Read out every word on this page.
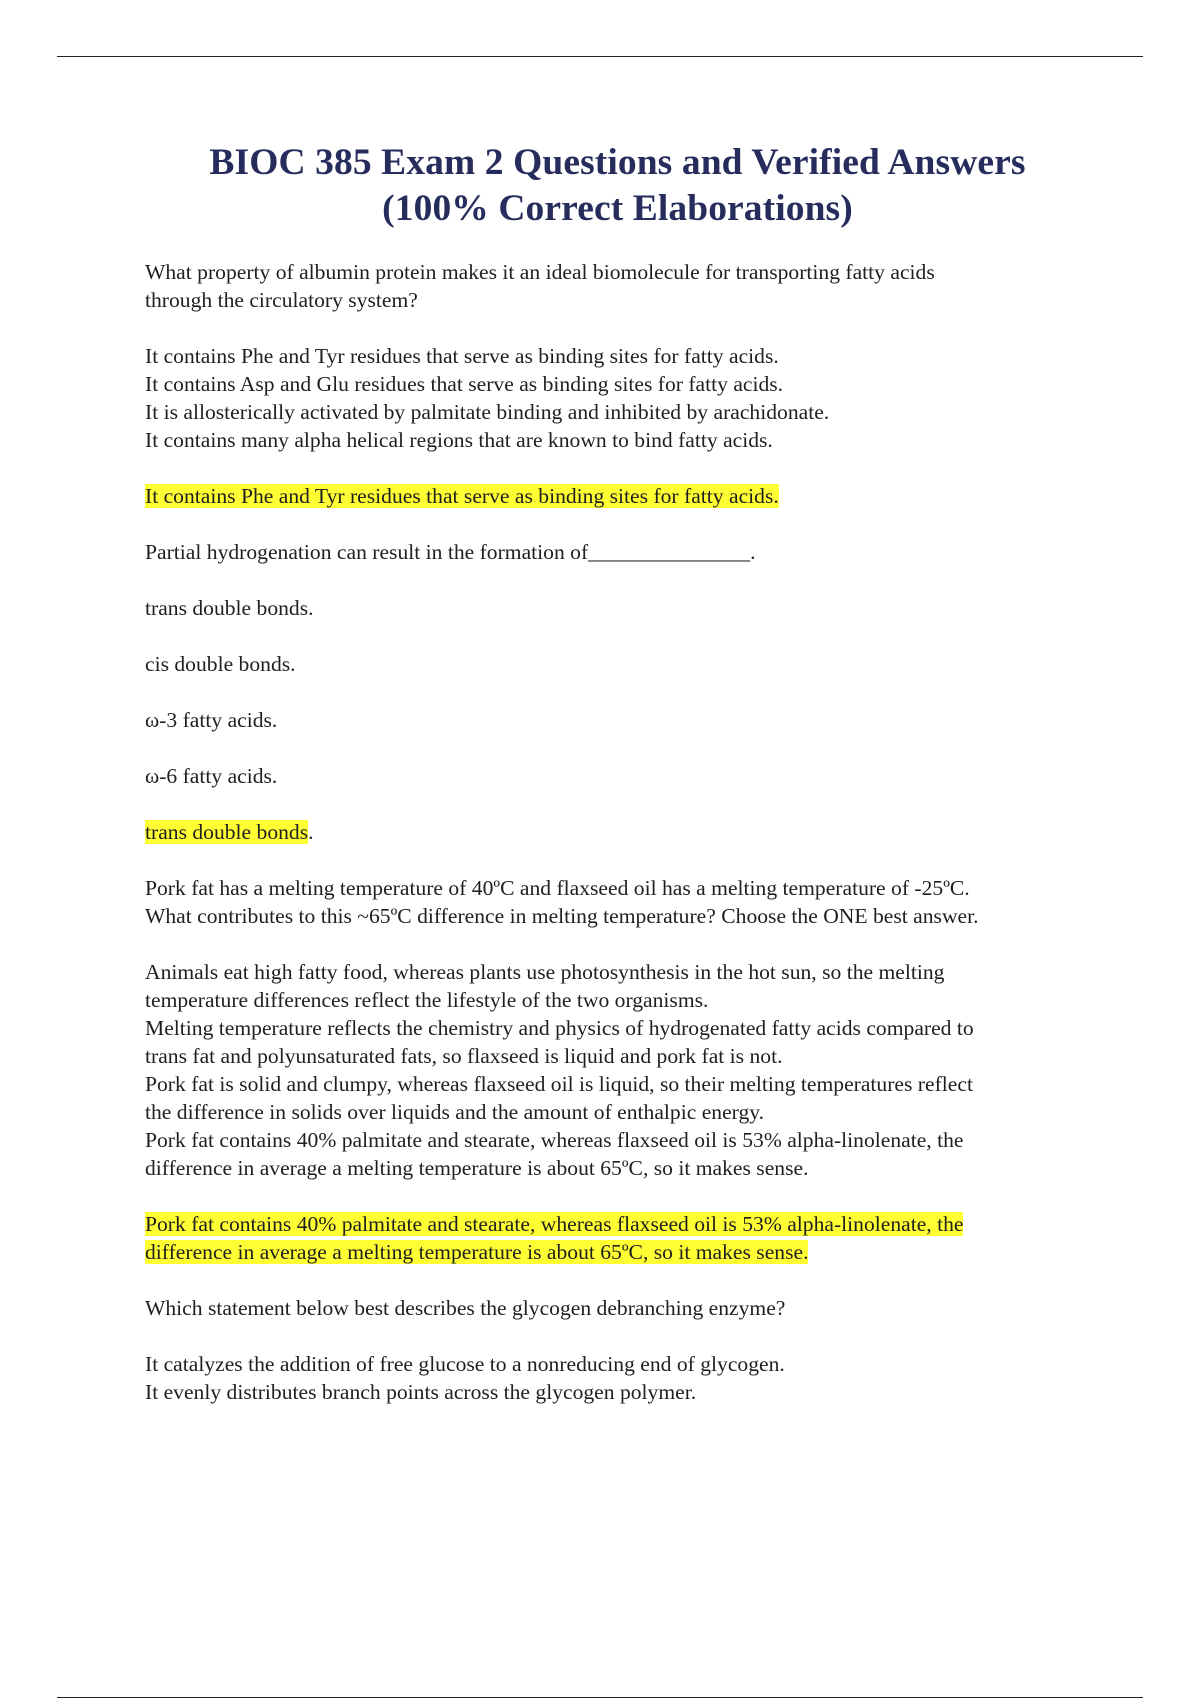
BIOC 385 Exam 2 Questions and Verified Answers
(100% Correct Elaborations)
What property of albumin protein makes it an ideal biomolecule for transporting fatty acids
through the circulatory system?
It contains Phe and Tyr residues that serve as binding sites for fatty acids.
It contains Asp and Glu residues that serve as binding sites for fatty acids.
It is allosterically activated by palmitate binding and inhibited by arachidonate.
It contains many alpha helical regions that are known to bind fatty acids.
It contains Phe and Tyr residues that serve as binding sites for fatty acids.
Partial hydrogenation can result in the formation of_______________.
trans double bonds.
cis double bonds.
ω-3 fatty acids.
ω-6 fatty acids.
trans double bonds.
Pork fat has a melting temperature of 40ºC and flaxseed oil has a melting temperature of -25ºC.
What contributes to this ~65ºC difference in melting temperature? Choose the ONE best answer.
Animals eat high fatty food, whereas plants use photosynthesis in the hot sun, so the melting
temperature differences reflect the lifestyle of the two organisms.
Melting temperature reflects the chemistry and physics of hydrogenated fatty acids compared to
trans fat and polyunsaturated fats, so flaxseed is liquid and pork fat is not.
Pork fat is solid and clumpy, whereas flaxseed oil is liquid, so their melting temperatures reflect
the difference in solids over liquids and the amount of enthalpic energy.
Pork fat contains 40% palmitate and stearate, whereas flaxseed oil is 53% alpha-linolenate, the
difference in average a melting temperature is about 65ºC, so it makes sense.
Pork fat contains 40% palmitate and stearate, whereas flaxseed oil is 53% alpha-linolenate, the
difference in average a melting temperature is about 65ºC, so it makes sense.
Which statement below best describes the glycogen debranching enzyme?
It catalyzes the addition of free glucose to a nonreducing end of glycogen.
It evenly distributes branch points across the glycogen polymer.
